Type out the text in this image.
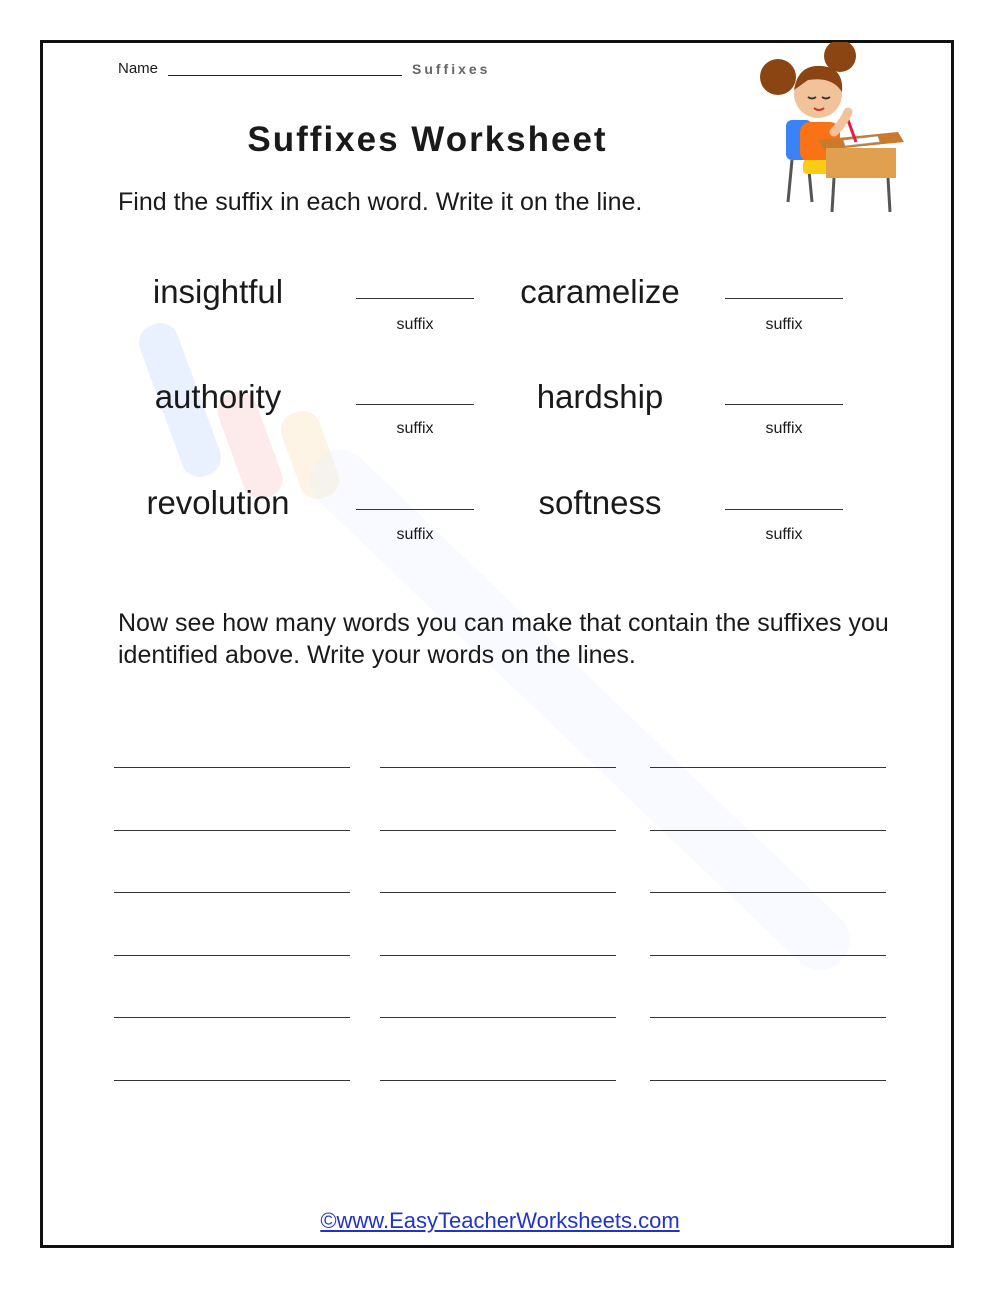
Name	Suffixes
Suffixes Worksheet
Find the suffix in each word. Write it on the line.
insightful
suffix
caramelize
suffix
authority
suffix
hardship
suffix
revolution
suffix
softness
suffix
Now see how many words you can make that contain the suffixes you identified above. Write your words on the lines.
©www.EasyTeacherWorksheets.com
